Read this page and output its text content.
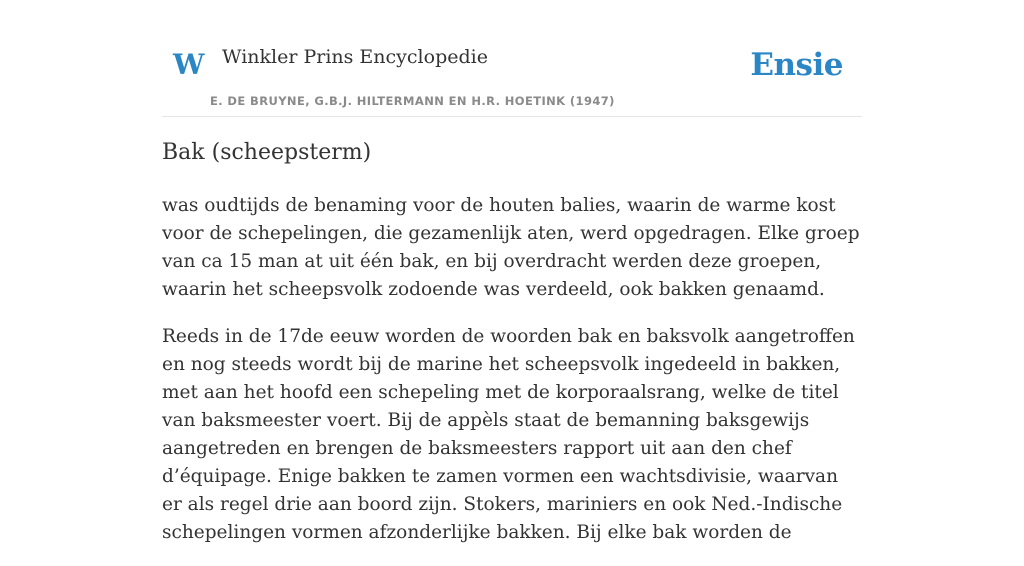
W Winkler Prins Encyclopedie
E. DE BRUYNE, G.B.J. HILTERMANN EN H.R. HOETINK (1947)
Ensie
Bak (scheepsterm)

was oudtijds de benaming voor de houten balies, waarin de warme kost voor de schepelingen, die gezamenlijk aten, werd opgedragen. Elke groep van ca 15 man at uit één bak, en bij overdracht werden deze groepen, waarin het scheepsvolk zodoende was verdeeld, ook bakken genaamd.

Reeds in de 17de eeuw worden de woorden bak en baksvolk aangetroffen en nog steeds wordt bij de marine het scheepsvolk ingedeeld in bakken, met aan het hoofd een schepeling met de korporaalsrang, welke de titel van baksmeester voert. Bij de appèls staat de bemanning baksgewijs aangetreden en brengen de baksmeesters rapport uit aan den chef d’équipage. Enige bakken te zamen vormen een wachtsdivisie, waarvan er als regel drie aan boord zijn. Stokers, mariniers en ook Ned.-Indische schepelingen vormen afzonderlijke bakken. Bij elke bak worden de
